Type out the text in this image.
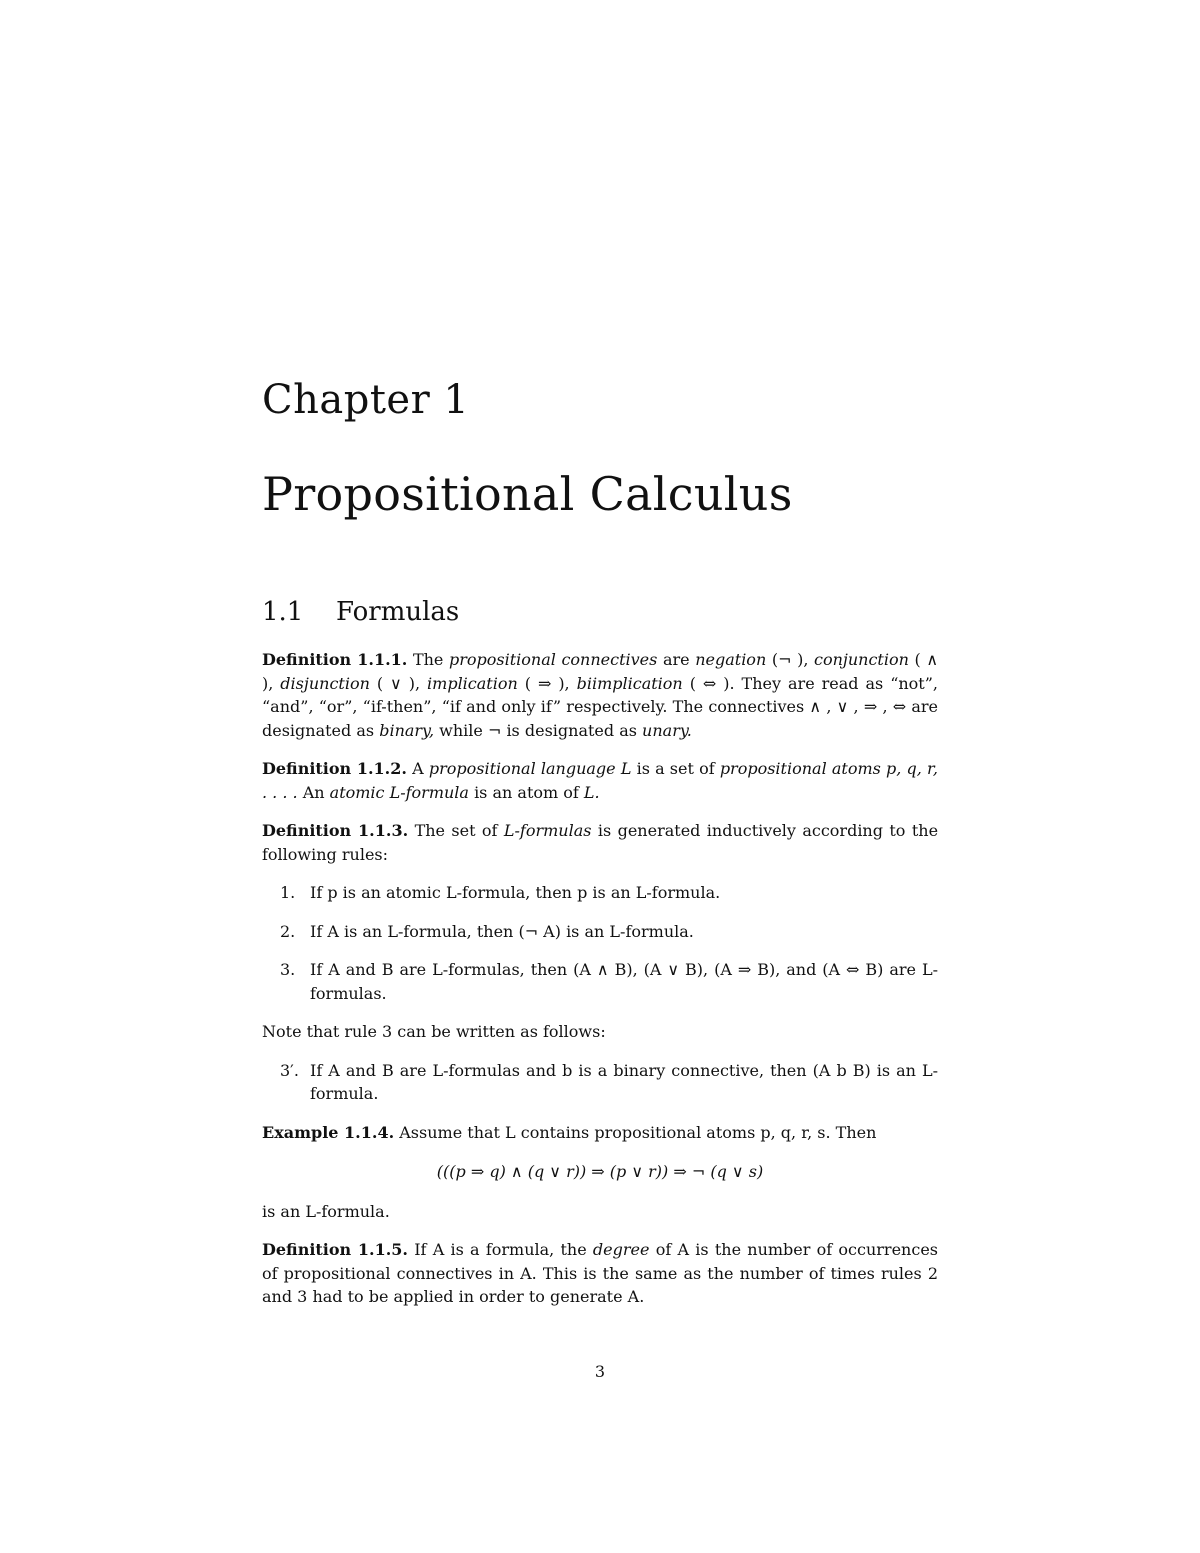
Chapter 1
Propositional Calculus
1.1 Formulas

Definition 1.1.1. The propositional connectives are negation (¬ ), conjunction ( ∧ ), disjunction ( ∨ ), implication ( ⇒ ), biimplication ( ⇔ ). They are read as “not”, “and”, “or”, “if-then”, “if and only if” respectively. The connectives ∧ , ∨ , ⇒ , ⇔ are designated as binary, while ¬ is designated as unary.

Definition 1.1.2. A propositional language L is a set of propositional atoms p, q, r, . . . . An atomic L-formula is an atom of L.

Definition 1.1.3. The set of L-formulas is generated inductively according to the following rules:

1. If p is an atomic L-formula, then p is an L-formula.
2. If A is an L-formula, then (¬ A) is an L-formula.
3. If A and B are L-formulas, then (A ∧ B), (A ∨ B), (A ⇒ B), and (A ⇔ B) are L-formulas.

Note that rule 3 can be written as follows:

3′. If A and B are L-formulas and b is a binary connective, then (A b B) is an L-formula.

Example 1.1.4. Assume that L contains propositional atoms p, q, r, s. Then

(((p ⇒ q) ∧ (q ∨ r)) ⇒ (p ∨ r)) ⇒ ¬ (q ∨ s)

is an L-formula.

Definition 1.1.5. If A is a formula, the degree of A is the number of occurrences of propositional connectives in A. This is the same as the number of times rules 2 and 3 had to be applied in order to generate A.

3
